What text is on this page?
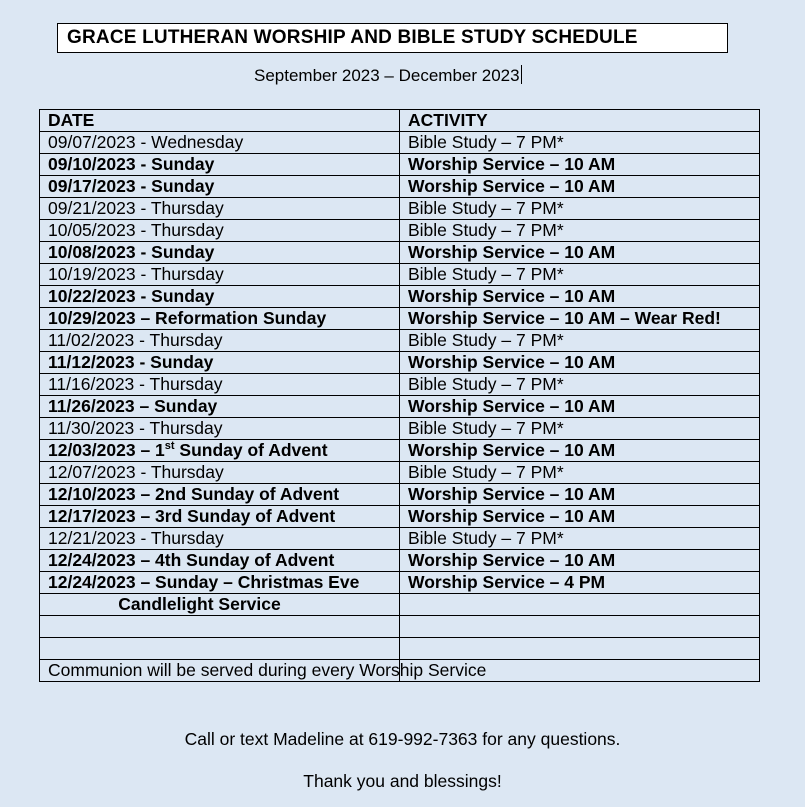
GRACE LUTHERAN WORSHIP AND BIBLE STUDY SCHEDULE
September 2023 – December 2023
DATE	ACTIVITY
09/07/2023 - Wednesday	Bible Study – 7 PM*
09/10/2023 - Sunday	Worship Service – 10 AM
09/17/2023 - Sunday	Worship Service – 10 AM
09/21/2023 - Thursday	Bible Study – 7 PM*
10/05/2023 - Thursday	Bible Study – 7 PM*
10/08/2023 - Sunday	Worship Service – 10 AM
10/19/2023 - Thursday	Bible Study – 7 PM*
10/22/2023 - Sunday	Worship Service – 10 AM
10/29/2023 – Reformation Sunday	Worship Service – 10 AM – Wear Red!
11/02/2023 - Thursday	Bible Study – 7 PM*
11/12/2023 - Sunday	Worship Service – 10 AM
11/16/2023 - Thursday	Bible Study – 7 PM*
11/26/2023 – Sunday	Worship Service – 10 AM
11/30/2023 - Thursday	Bible Study – 7 PM*
12/03/2023 – 1st Sunday of Advent	Worship Service – 10 AM
12/07/2023 - Thursday	Bible Study – 7 PM*
12/10/2023 – 2nd Sunday of Advent	Worship Service – 10 AM
12/17/2023 – 3rd Sunday of Advent	Worship Service – 10 AM
12/21/2023 - Thursday	Bible Study – 7 PM*
12/24/2023 – 4th Sunday of Advent	Worship Service – 10 AM
12/24/2023 – Sunday – Christmas Eve	Worship Service – 4 PM
Candlelight Service	

Communion will be served during every Worship Service	
Call or text Madeline at 619-992-7363 for any questions.
Thank you and blessings!
